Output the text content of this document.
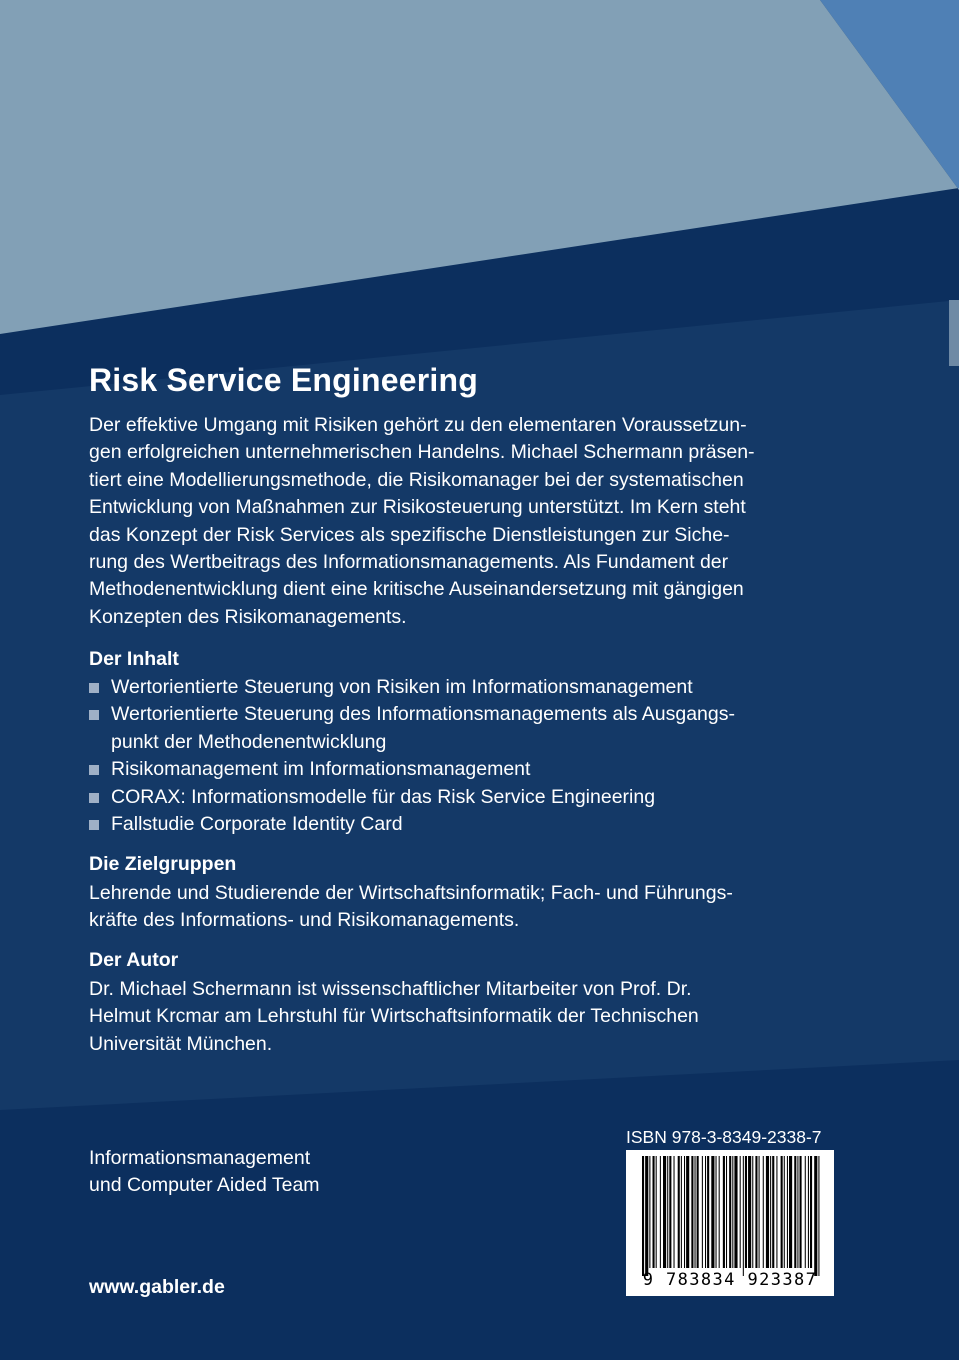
Risk Service Engineering
Der effektive Umgang mit Risiken gehört zu den elementaren Voraussetzun-
gen erfolgreichen unternehmerischen Handelns. Michael Schermann präsen-
tiert eine Modellierungsmethode, die Risikomanager bei der systematischen
Entwicklung von Maßnahmen zur Risikosteuerung unterstützt. Im Kern steht
das Konzept der Risk Services als spezifische Dienstleistungen zur Siche-
rung des Wertbeitrags des Informationsmanagements. Als Fundament der
Methodenentwicklung dient eine kritische Auseinandersetzung mit gängigen
Konzepten des Risikomanagements.
Der Inhalt
Wertorientierte Steuerung von Risiken im Informationsmanagement
Wertorientierte Steuerung des Informationsmanagements als Ausgangs-
punkt der Methodenentwicklung
Risikomanagement im Informationsmanagement
CORAX: Informationsmodelle für das Risk Service Engineering
Fallstudie Corporate Identity Card
Die Zielgruppen
Lehrende und Studierende der Wirtschaftsinformatik; Fach- und Führungs-
kräfte des Informations- und Risikomanagements.
Der Autor
Dr. Michael Schermann ist wissenschaftlicher Mitarbeiter von Prof. Dr.
Helmut Krcmar am Lehrstuhl für Wirtschaftsinformatik der Technischen
Universität München.
Informationsmanagement
und Computer Aided Team
www.gabler.de
ISBN 978-3-8349-2338-7
9 783834 923387
